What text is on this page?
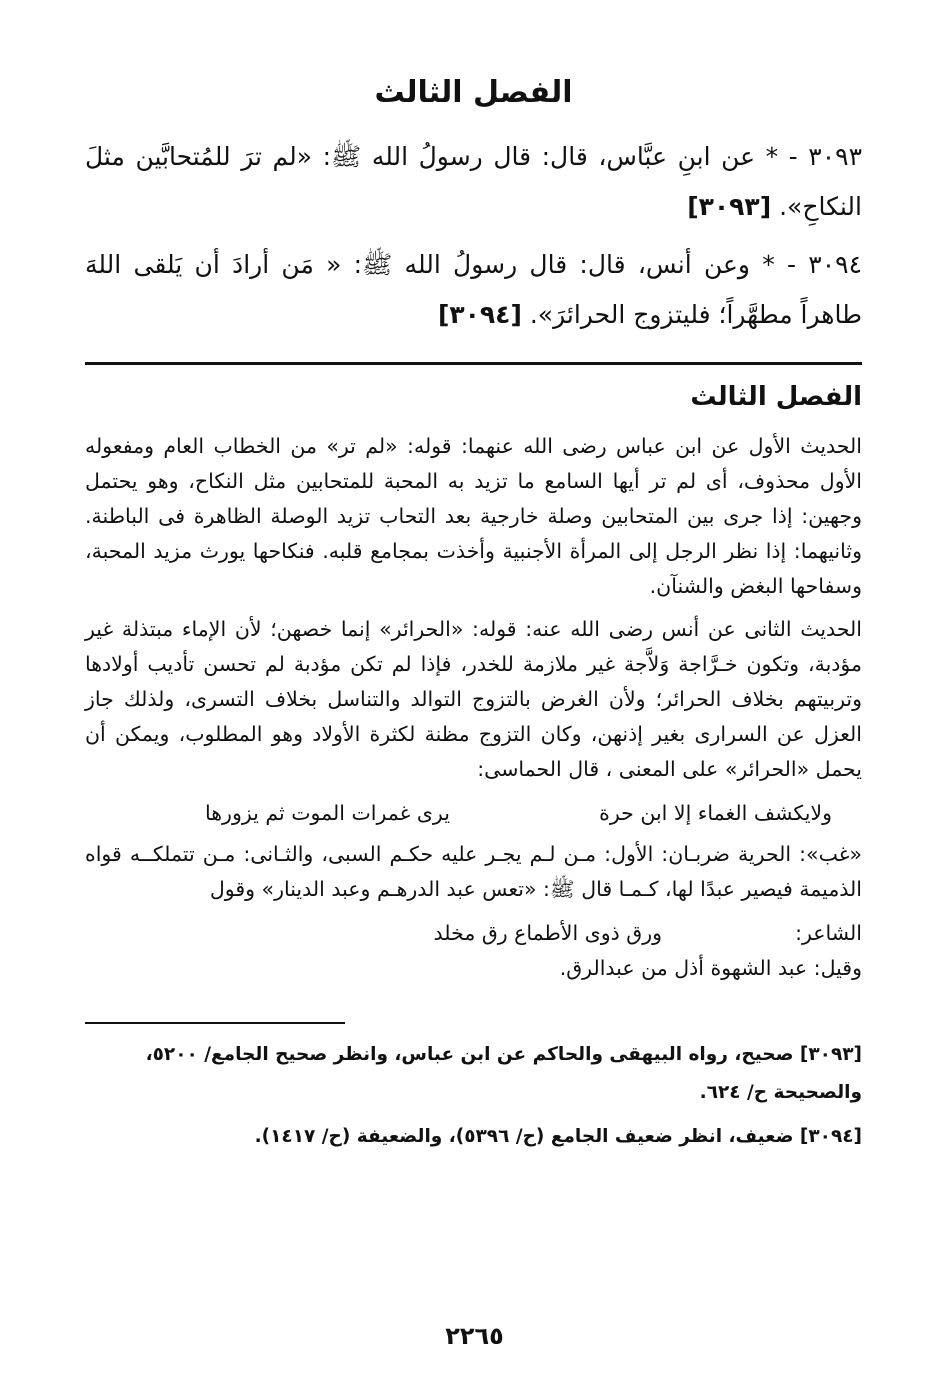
الفصل الثالث

٣٠٩٣ - * عن ابنِ عبَّاس، قال: قال رسولُ الله ﷺ: «لم ترَ للمُتحابَّين مثلَ النكاحِ». [٣٠٩٣]

٣٠٩٤ - * وعن أنس، قال: قال رسولُ الله ﷺ: « مَن أرادَ أن يَلقى اللهَ طاهراً مطهَّراً؛ فليتزوج الحرائرَ». [٣٠٩٤]

الفصل الثالث

الحديث الأول عن ابن عباس رضى الله عنهما: قوله: «لم تر» من الخطاب العام ومفعوله الأول محذوف، أى لم تر أيها السامع ما تزيد به المحبة للمتحابين مثل النكاح، وهو يحتمل وجهين: إذا جرى بين المتحابين وصلة خارجية بعد التحاب تزيد الوصلة الظاهرة فى الباطنة. وثانيهما: إذا نظر الرجل إلى المرأة الأجنبية وأخذت بمجامع قلبه. فنكاحها يورث مزيد المحبة، وسفاحها البغض والشنآن.

الحديث الثانى عن أنس رضى الله عنه: قوله: «الحرائر» إنما خصهن؛ لأن الإماء مبتذلة غير مؤدبة، وتكون خـرَّاجة وَلاَّجة غير ملازمة للخدر، فإذا لم تكن مؤدبة لم تحسن تأديب أولادها وتربيتهم بخلاف الحرائر؛ ولأن الغرض بالتزوج التوالد والتناسل بخلاف التسرى، ولذلك جاز العزل عن السرارى بغير إذنهن، وكان التزوج مظنة لكثرة الأولاد وهو المطلوب، ويمكن أن يحمل «الحرائر» على المعنى ، قال الحماسى:

ولايكشف الغماء إلا ابن حرة
يرى غمرات الموت ثم يزورها

«غب»: الحرية ضربـان: الأول: مـن لـم يجـر عليه حكـم السبى، والثـانى: مـن تتملكــه قواه الذميمة فيصير عبدًا لها، كـمـا قال ﷺ: «تعس عبد الدرهـم وعبد الدينار» وقول

الشاعر:
ورق ذوى الأطماع رق مخلد

وقيل: عبد الشهوة أذل من عبدالرق.

[٣٠٩٣] صحيح، رواه البيهقى والحاكم عن ابن عباس، وانظر صحيح الجامع/ ٥٢٠٠، والصحيحة ح/ ٦٢٤.

[٣٠٩٤] ضعيف، انظر ضعيف الجامع (ح/ ٥٣٩٦)، والضعيفة (ح/ ١٤١٧).

٢٢٦٥
